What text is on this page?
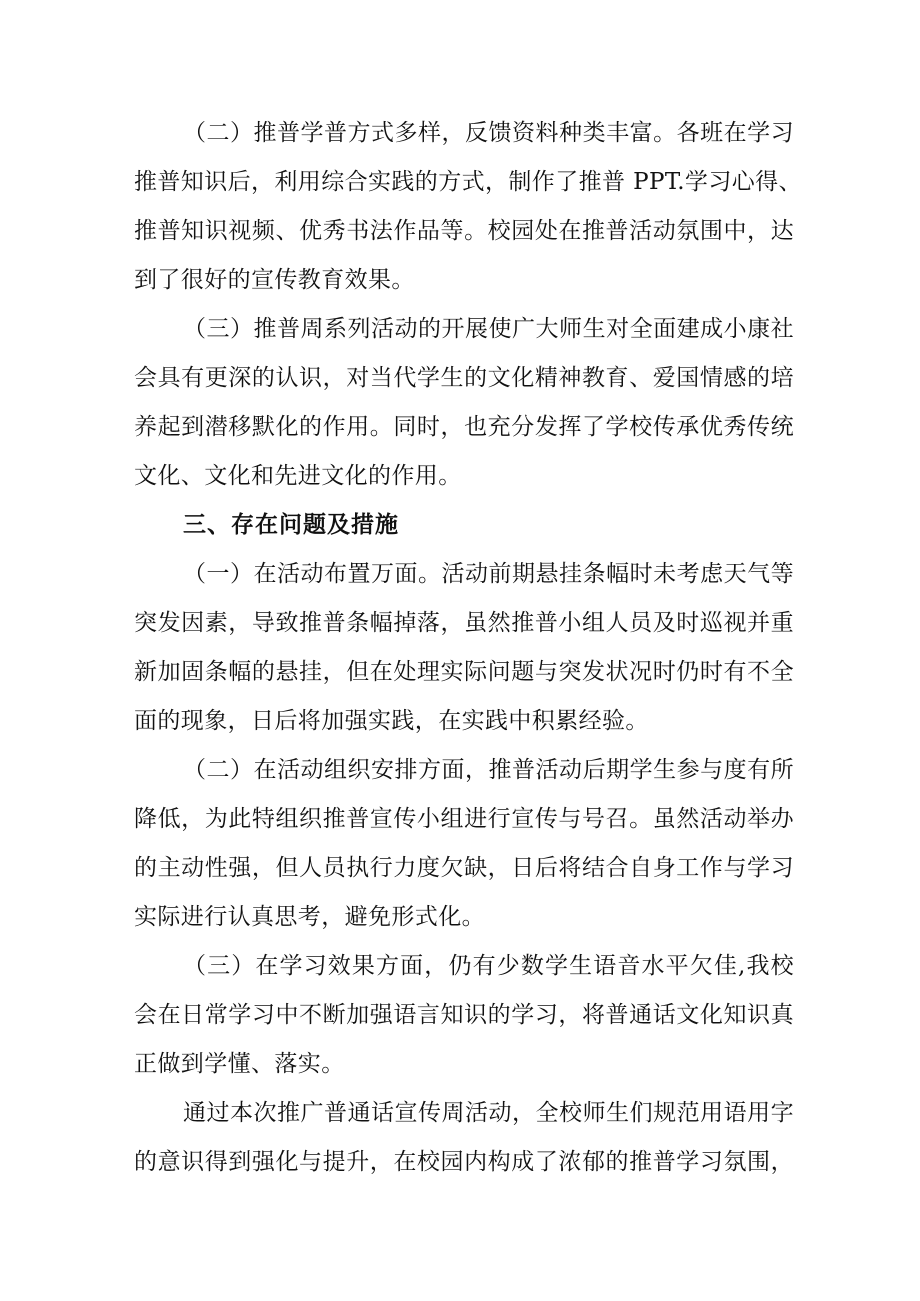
（二）推普学普方式多样，反馈资料种类丰富。各班在学习
推普知识后，利用综合实践的方式，制作了推普 PPT.学习心得、
推普知识视频、优秀书法作品等。校园处在推普活动氛围中，达
到了很好的宣传教育效果。
（三）推普周系列活动的开展使广大师生对全面建成小康社
会具有更深的认识，对当代学生的文化精神教育、爱国情感的培
养起到潜移默化的作用。同时，也充分发挥了学校传承优秀传统
文化、文化和先进文化的作用。
三、存在问题及措施
（一）在活动布置万面。活动前期悬挂条幅时未考虑天气等
突发因素，导致推普条幅掉落，虽然推普小组人员及时巡视并重
新加固条幅的悬挂，但在处理实际问题与突发状况时仍时有不全
面的现象，日后将加强实践，在实践中积累经验。
（二）在活动组织安排方面，推普活动后期学生参与度有所
降低，为此特组织推普宣传小组进行宣传与号召。虽然活动举办
的主动性强，但人员执行力度欠缺，日后将结合自身工作与学习
实际进行认真思考，避免形式化。
（三）在学习效果方面，仍有少数学生语音水平欠佳,我校
会在日常学习中不断加强语言知识的学习，将普通话文化知识真
正做到学懂、落实。
通过本次推广普通话宣传周活动，全校师生们规范用语用字
的意识得到强化与提升，在校园内构成了浓郁的推普学习氛围，
